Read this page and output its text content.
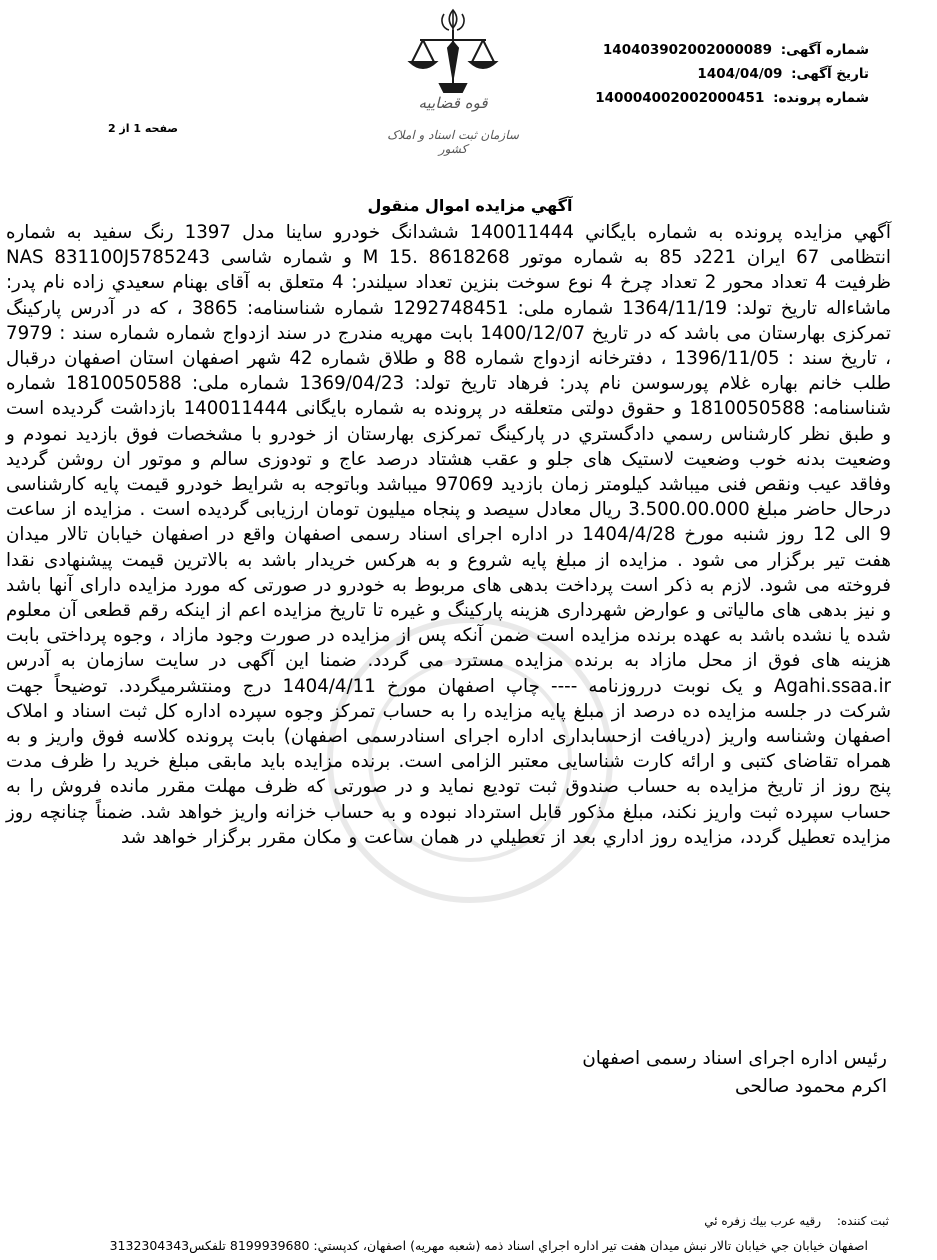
قوه قضاییه
سازمان ثبت اسناد و املاک کشور
شماره آگهی: 140403902002000089
تاریخ آگهی: 1404/04/09
شماره پرونده: 140004002002000451
صفحه 1 از 2
آگهي مزايده اموال منقول
آگهي مزايده پرونده به شماره بايگاني 140011444 ششدانگ خودرو ساينا مدل 1397 رنگ سفيد به شماره انتظامی 67 ایران 221د 85 به شماره موتور M 15. 8618268 و شماره شاسی NAS 831100J5785243 ظرفيت 4 تعداد محور 2 تعداد چرخ 4 نوع سوخت بنزين تعداد سيلندر: 4 متعلق به آقای بهنام سعيدي زاده نام پدر: ماشاءاله تاريخ تولد: 1364/11/19 شماره ملی: 1292748451 شماره شناسنامه: 3865 ، که در آدرس پارکینگ تمرکزی بهارستان می باشد که در تاریخ 1400/12/07 بابت مهریه مندرج در سند ازدواج شماره شماره سند : 7979 ، تاريخ سند : 1396/11/05 ، دفترخانه ازدواج شماره 88 و طلاق شماره 42 شهر اصفهان استان اصفهان درقبال طلب خانم بهاره غلام پورسوسن نام پدر: فرهاد تاريخ تولد: 1369/04/23 شماره ملی: 1810050588 شماره شناسنامه: 1810050588 و حقوق دولتی متعلقه در پرونده به شماره بایگانی 140011444 بازداشت گرديده است و طبق نظر کارشناس رسمي دادگستري در پارکینگ تمرکزی بهارستان از خودرو با مشخصات فوق بازدید نمودم و وضعیت بدنه خوب وضعیت لاستیک های جلو و عقب هشتاد درصد عاج و تودوزی سالم و موتور ان روشن گردید وفاقد عیب ونقص فنی میباشد کیلومتر زمان بازدید 97069 میباشد وباتوجه به شرایط خودرو قیمت پایه کارشناسی درحال حاضر مبلغ 3.500.00.000 ریال معادل سیصد و پنجاه میلیون تومان ارزیابی گرديده است . مزايده از ساعت 9 الی 12 روز شنبه مورخ 1404/4/28 در اداره اجرای اسناد رسمی اصفهان واقع در اصفهان خیابان تالار میدان هفت تیر برگزار می شود . مزايده از مبلغ پايه شروع و به هرکس خريدار باشد به بالاترين قيمت پيشنهادی نقدا فروخته می شود. لازم به ذکر است پرداخت بدهی های مربوط به خودرو در صورتی که مورد مزایده دارای آنها باشد و نیز بدهی های مالیاتی و عوارض شهرداری هزینه پارکینگ و غیره تا تاریخ مزایده اعم از اینکه رقم قطعی آن معلوم شده یا نشده باشد به عهده برنده مزایده است ضمن آنکه پس از مزایده در صورت وجود مازاد ، وجوه پرداختی بابت هزینه های فوق از محل مازاد به برنده مزایده مسترد می گردد. ضمنا این آگهی در سایت سازمان به آدرس Agahi.ssaa.ir و یک نوبت درروزنامه ---- چاپ اصفهان مورخ 1404/4/11 درج ومنتشرمیگردد. توضیحاً جهت شرکت در جلسه مزایده ده درصد از مبلغ پایه مزایده را به حساب تمرکز وجوه سپرده اداره کل ثبت اسناد و املاک اصفهان وشناسه واریز (دریافت ازحسابداری اداره اجرای اسنادرسمی اصفهان) بابت پرونده کلاسه فوق واریز و به همراه تقاضای کتبی و ارائه کارت شناسایی معتبر الزامی است. برنده مزایده باید مابقی مبلغ خرید را ظرف مدت پنج روز از تاریخ مزایده به حساب صندوق ثبت تودیع نماید و در صورتی که ظرف مهلت مقرر مانده فروش را به حساب سپرده ثبت واریز نکند، مبلغ مذکور قابل استرداد نبوده و به حساب خزانه واریز خواهد شد. ضمناً چنانچه روز مزایده تعطیل گردد، مزایده روز اداري بعد از تعطيلي در همان ساعت و مکان مقرر برگزار خواهد شد
رئیس اداره اجرای اسناد رسمی اصفهان
اکرم محمود صالحی
ثبت کننده: رقيه عرب بيك زفره ئي
اصفهان خيابان جي خيابان تالار نبش ميدان هفت تير اداره اجراي اسناد ذمه (شعبه مهريه) اصفهان، کدپستي: 8199939680 تلفکس3132304343
